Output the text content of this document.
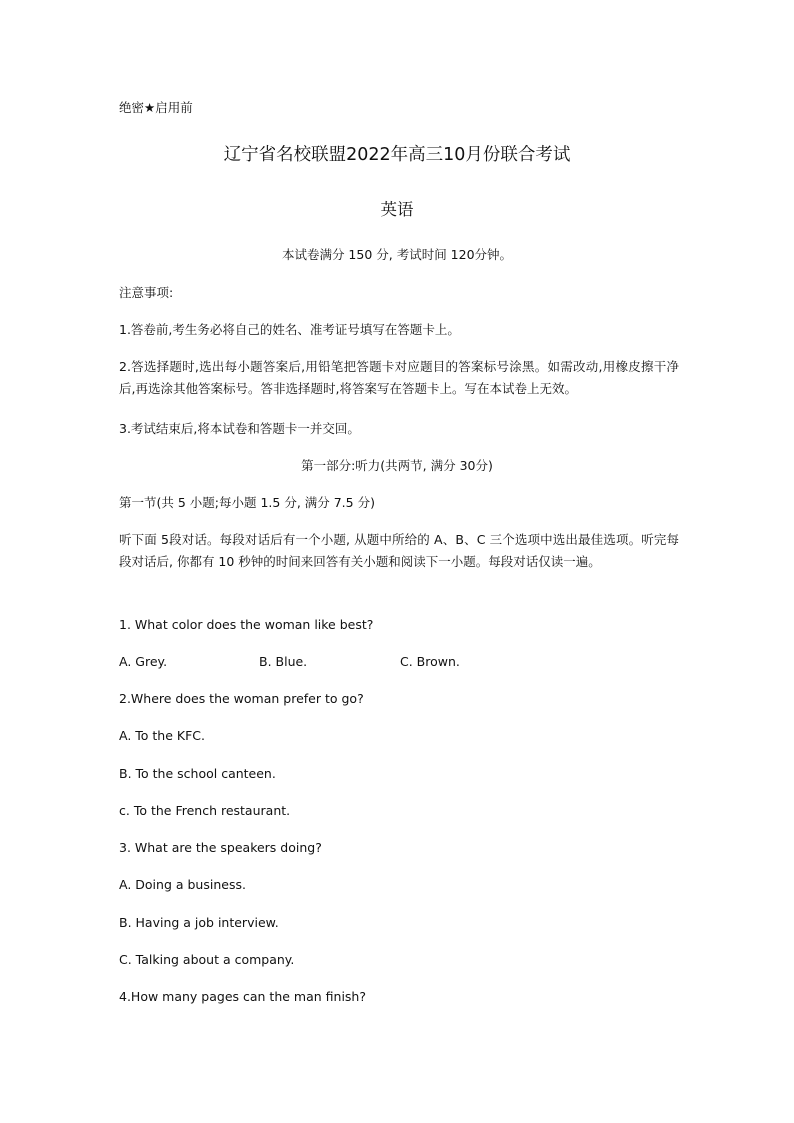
绝密★启用前
辽宁省名校联盟2022年高三10月份联合考试
英语
本试卷满分 150 分, 考试时间 120分钟。
注意事项:
1.答卷前,考生务必将自己的姓名、准考证号填写在答题卡上。
2.答选择题时,选出每小题答案后,用铅笔把答题卡对应题目的答案标号涂黑。如需改动,用橡皮擦干净后,再选涂其他答案标号。答非选择题时,将答案写在答题卡上。写在本试卷上无效。
3.考试结束后,将本试卷和答题卡一并交回。
第一部分:听力(共两节, 满分 30分)
第一节(共 5 小题;每小题 1.5 分, 满分 7.5 分)
听下面 5段对话。每段对话后有一个小题, 从题中所给的 A、B、C 三个选项中选出最佳选项。听完每段对话后, 你都有 10 秒钟的时间来回答有关小题和阅读下一小题。每段对话仅读一遍。
1. What color does the woman like best?
A. Grey.	B. Blue.	C. Brown.
2.Where does the woman prefer to go?
A. To the KFC.
B. To the school canteen.
c. To the French restaurant.
3. What are the speakers doing?
A. Doing a business.
B. Having a job interview.
C. Talking about a company.
4.How many pages can the man finish?
